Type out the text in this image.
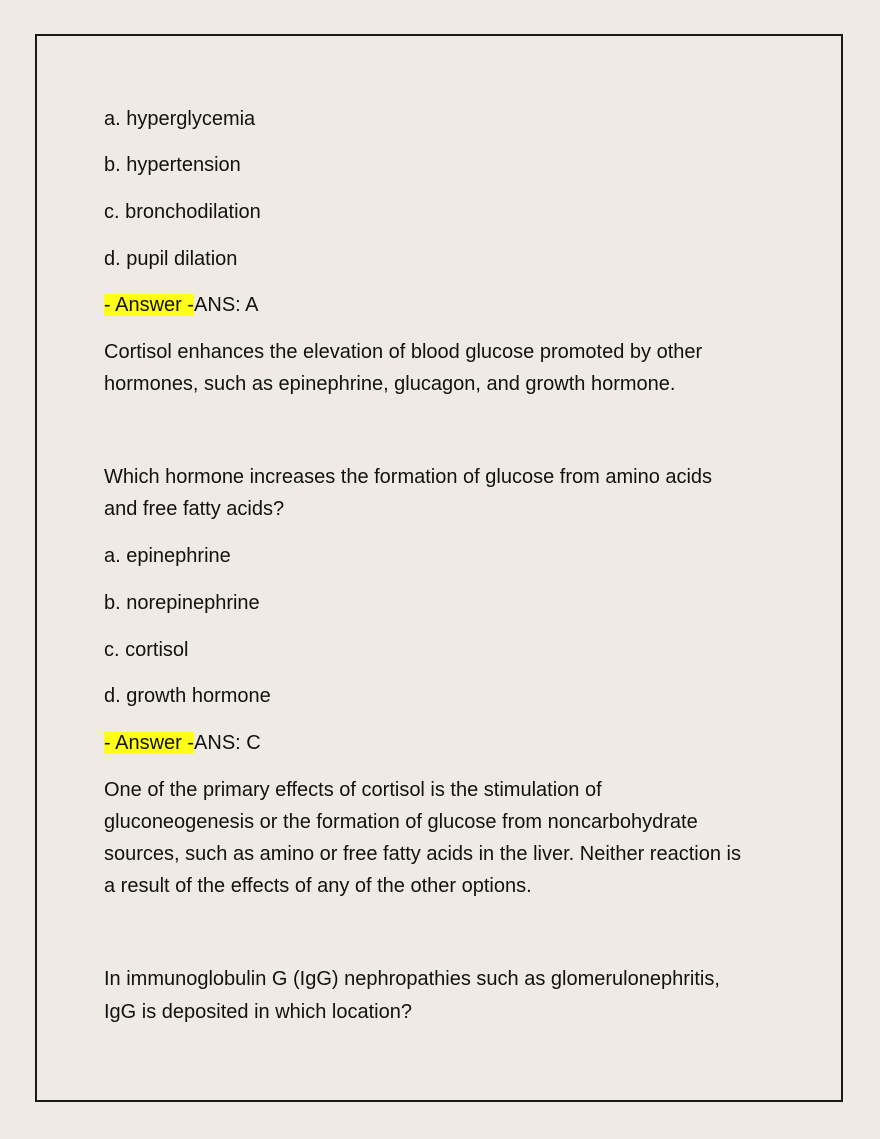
a. hyperglycemia
b. hypertension
c. bronchodilation
d. pupil dilation
- Answer -ANS: A
Cortisol enhances the elevation of blood glucose promoted by other
hormones, such as epinephrine, glucagon, and growth hormone.
Which hormone increases the formation of glucose from amino acids
and free fatty acids?
a. epinephrine
b. norepinephrine
c. cortisol
d. growth hormone
- Answer -ANS: C
One of the primary effects of cortisol is the stimulation of
gluconeogenesis or the formation of glucose from noncarbohydrate
sources, such as amino or free fatty acids in the liver. Neither reaction is
a result of the effects of any of the other options.
In immunoglobulin G (IgG) nephropathies such as glomerulonephritis,
IgG is deposited in which location?
